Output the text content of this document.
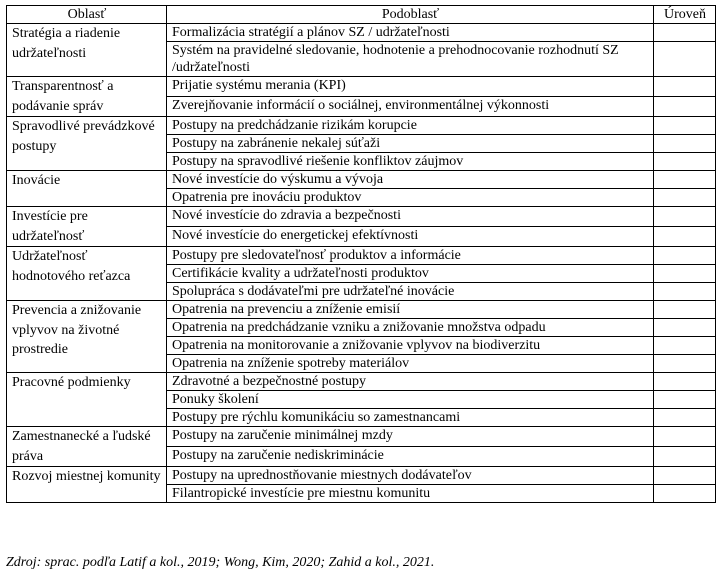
Oblasť	Podoblasť	Úroveň
Stratégia a riadenie udržateľnosti	Formalizácia stratégií a plánov SZ / udržateľnosti	
	Systém na pravidelné sledovanie, hodnotenie a prehodnocovanie rozhodnutí SZ /udržateľnosti	
Transparentnosť a podávanie správ	Prijatie systému merania (KPI)	
	Zverejňovanie informácií o sociálnej, environmentálnej výkonnosti	
Spravodlivé prevádzkové postupy	Postupy na predchádzanie rizikám korupcie	
	Postupy na zabránenie nekalej súťaži	
	Postupy na spravodlivé riešenie konfliktov záujmov	
Inovácie	Nové investície do výskumu a vývoja	
	Opatrenia pre inováciu produktov	
Investície pre udržateľnosť	Nové investície do zdravia a bezpečnosti	
	Nové investície do energetickej efektívnosti	
Udržateľnosť hodnotového reťazca	Postupy pre sledovateľnosť produktov a informácie	
	Certifikácie kvality a udržateľnosti produktov	
	Spolupráca s dodávateľmi pre udržateľné inovácie	
Prevencia a znižovanie vplyvov na životné prostredie	Opatrenia na prevenciu a zníženie emisií	
	Opatrenia na predchádzanie vzniku a znižovanie množstva odpadu	
	Opatrenia na monitorovanie a znižovanie vplyvov na biodiverzitu	
	Opatrenia na zníženie spotreby materiálov	
Pracovné podmienky	Zdravotné a bezpečnostné postupy	
	Ponuky školení	
	Postupy pre rýchlu komunikáciu so zamestnancami	
Zamestnanecké a ľudské práva	Postupy na zaručenie minimálnej mzdy	
	Postupy na zaručenie nediskriminácie	
Rozvoj miestnej komunity	Postupy na uprednostňovanie miestnych dodávateľov	
	Filantropické investície pre miestnu komunitu	
Zdroj: sprac. podľa Latif a kol., 2019; Wong, Kim, 2020; Zahid a kol., 2021.
